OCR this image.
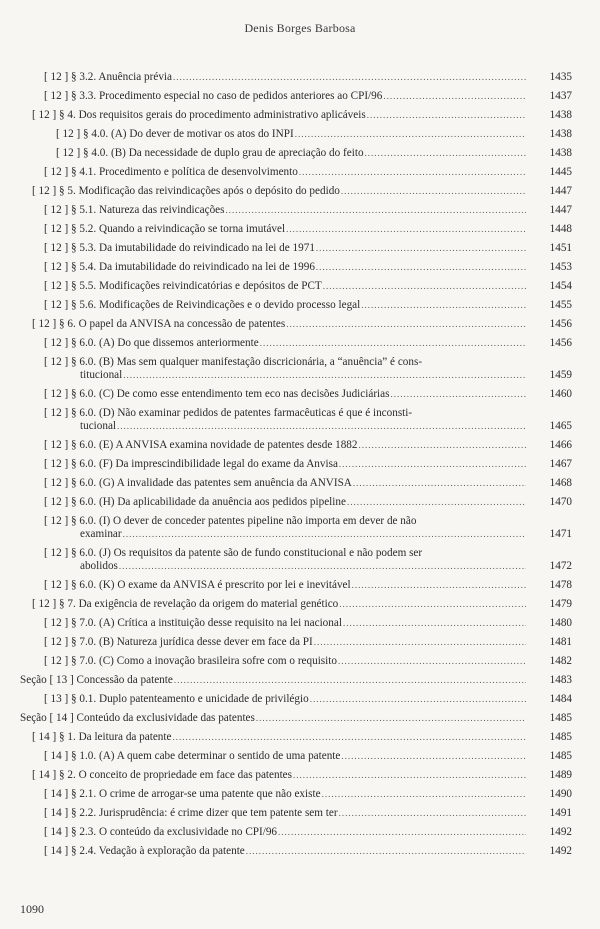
Denis Borges Barbosa
[ 12 ] § 3.2. Anuência prévia .....	1435
[ 12 ] § 3.3. Procedimento especial no caso de pedidos anteriores ao CPI/96 .....	1437
[ 12 ] § 4. Dos requisitos gerais do procedimento administrativo aplicáveis .....	1438
[ 12 ] § 4.0. (A) Do dever de motivar os atos do INPI .....	1438
[ 12 ] § 4.0. (B) Da necessidade de duplo grau de apreciação do feito .....	1438
[ 12 ] § 4.1. Procedimento e política de desenvolvimento .....	1445
[ 12 ] § 5. Modificação das reivindicações após o depósito do pedido .....	1447
[ 12 ] § 5.1. Natureza das reivindicações .....	1447
[ 12 ] § 5.2. Quando a reivindicação se torna imutável .....	1448
[ 12 ] § 5.3. Da imutabilidade do reivindicado na lei de 1971 .....	1451
[ 12 ] § 5.4. Da imutabilidade do reivindicado na lei de 1996 .....	1453
[ 12 ] § 5.5. Modificações reivindicatórias e depósitos de PCT .....	1454
[ 12 ] § 5.6. Modificações de Reivindicações e o devido processo legal .....	1455
[ 12 ] § 6. O papel da ANVISA na concessão de patentes .....	1456
[ 12 ] § 6.0. (A) Do que dissemos anteriormente .....	1456
[ 12 ] § 6.0. (B) Mas sem qualquer manifestação discricionária, a “anuência” é cons-
titucional .....	1459
[ 12 ] § 6.0. (C) De como esse entendimento tem eco nas decisões Judiciárias .....	1460
[ 12 ] § 6.0. (D) Não examinar pedidos de patentes farmacêuticas é que é inconsti-
tucional .....	1465
[ 12 ] § 6.0. (E) A ANVISA examina novidade de patentes desde 1882 .....	1466
[ 12 ] § 6.0. (F) Da imprescindibilidade legal do exame da Anvisa .....	1467
[ 12 ] § 6.0. (G) A invalidade das patentes sem anuência da ANVISA .....	1468
[ 12 ] § 6.0. (H) Da aplicabilidade da anuência aos pedidos pipeline .....	1470
[ 12 ] § 6.0. (I) O dever de conceder patentes pipeline não importa em dever de não
examinar .....	1471
[ 12 ] § 6.0. (J) Os requisitos da patente são de fundo constitucional e não podem ser
abolidos .....	1472
[ 12 ] § 6.0. (K) O exame da ANVISA é prescrito por lei e inevitável .....	1478
[ 12 ] § 7. Da exigência de revelação da origem do material genético .....	1479
[ 12 ] § 7.0. (A) Crítica a instituição desse requisito na lei nacional .....	1480
[ 12 ] § 7.0. (B) Natureza jurídica desse dever em face da PI .....	1481
[ 12 ] § 7.0. (C) Como a inovação brasileira sofre com o requisito .....	1482
Seção [ 13 ] Concessão da patente .....	1483
[ 13 ] § 0.1. Duplo patenteamento e unicidade de privilégio .....	1484
Seção [ 14 ] Conteúdo da exclusividade das patentes .....	1485
[ 14 ] § 1. Da leitura da patente .....	1485
[ 14 ] § 1.0. (A) A quem cabe determinar o sentido de uma patente .....	1485
[ 14 ] § 2. O conceito de propriedade em face das patentes .....	1489
[ 14 ] § 2.1. O crime de arrogar-se uma patente que não existe .....	1490
[ 14 ] § 2.2. Jurisprudência: é crime dizer que tem patente sem ter .....	1491
[ 14 ] § 2.3. O conteúdo da exclusividade no CPI/96 .....	1492
[ 14 ] § 2.4. Vedação à exploração da patente .....	1492
1090
